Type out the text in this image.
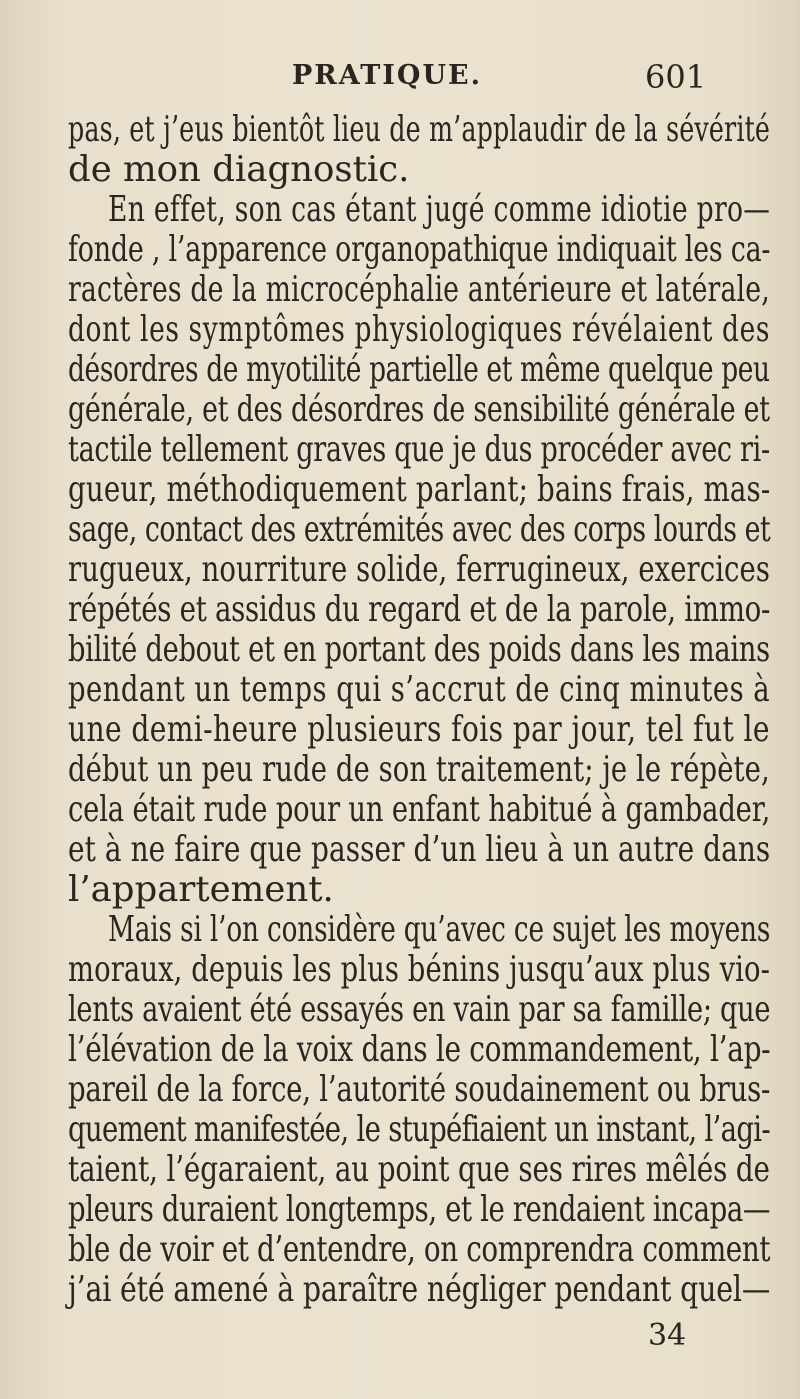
PRATIQUE.	601
pas, et j’eus bientôt lieu de m’applaudir de la sévérité
de mon diagnostic.
En effet, son cas étant jugé comme idiotie pro—
fonde , l’apparence organopathique indiquait les ca-
ractères de la microcéphalie antérieure et latérale,
dont les symptômes physiologiques révélaient des
désordres de myotilité partielle et même quelque peu
générale, et des désordres de sensibilité générale et
tactile tellement graves que je dus procéder avec ri-
gueur, méthodiquement parlant; bains frais, mas-
sage, contact des extrémités avec des corps lourds et
rugueux, nourriture solide, ferrugineux, exercices
répétés et assidus du regard et de la parole, immo-
bilité debout et en portant des poids dans les mains
pendant un temps qui s’accrut de cinq minutes à
une demi-heure plusieurs fois par jour, tel fut le
début un peu rude de son traitement; je le répète,
cela était rude pour un enfant habitué à gambader,
et à ne faire que passer d’un lieu à un autre dans
l’appartement.
Mais si l’on considère qu’avec ce sujet les moyens
moraux, depuis les plus bénins jusqu’aux plus vio-
lents avaient été essayés en vain par sa famille; que
l’élévation de la voix dans le commandement, l’ap-
pareil de la force, l’autorité soudainement ou brus-
quement manifestée, le stupéfiaient un instant, l’agi-
taient, l’égaraient, au point que ses rires mêlés de
pleurs duraient longtemps, et le rendaient incapa—
ble de voir et d’entendre, on comprendra comment
j’ai été amené à paraître négliger pendant quel—
34
